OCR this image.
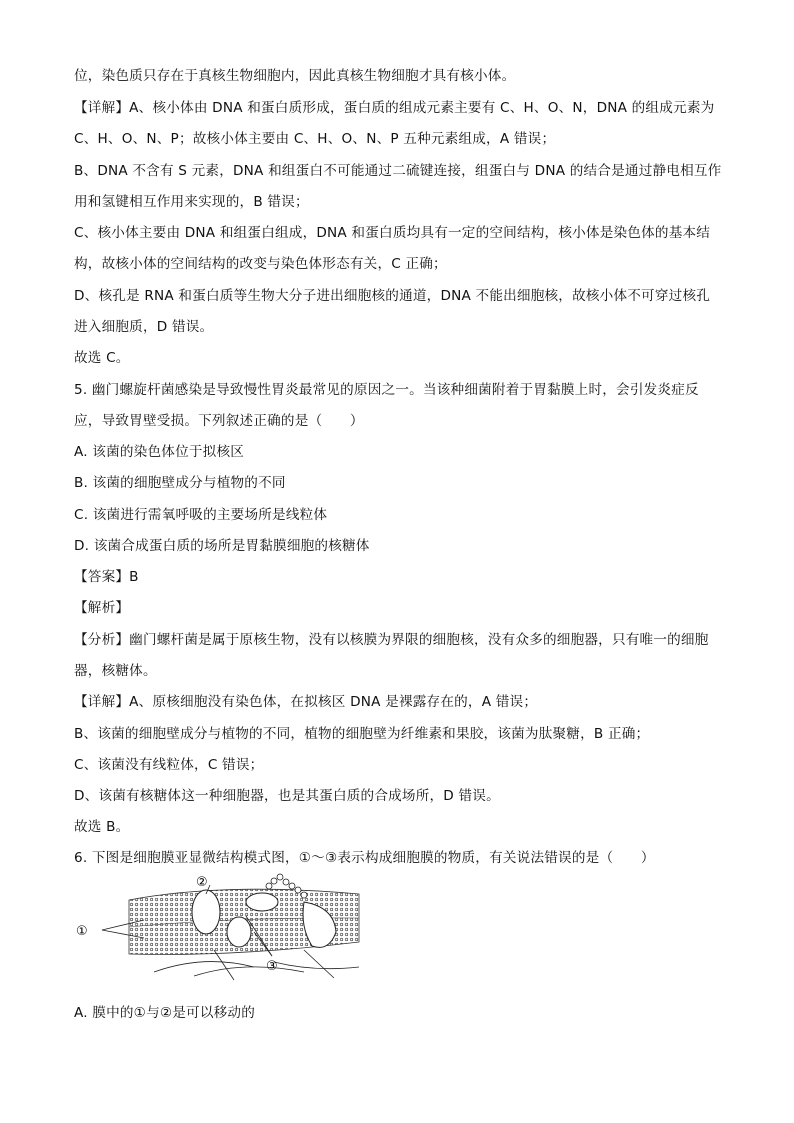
位，染色质只存在于真核生物细胞内，因此真核生物细胞才具有核小体。
【详解】A、核小体由 DNA 和蛋白质形成，蛋白质的组成元素主要有 C、H、O、N，DNA 的组成元素为
C、H、O、N、P；故核小体主要由 C、H、O、N、P 五种元素组成，A 错误；
B、DNA 不含有 S 元素，DNA 和组蛋白不可能通过二硫键连接，组蛋白与 DNA 的结合是通过静电相互作
用和氢键相互作用来实现的，B 错误；
C、核小体主要由 DNA 和组蛋白组成，DNA 和蛋白质均具有一定的空间结构，核小体是染色体的基本结
构，故核小体的空间结构的改变与染色体形态有关，C 正确；
D、核孔是 RNA 和蛋白质等生物大分子进出细胞核的通道，DNA 不能出细胞核，故核小体不可穿过核孔
进入细胞质，D 错误。
故选 C。
5. 幽门螺旋杆菌感染是导致慢性胃炎最常见的原因之一。当该种细菌附着于胃黏膜上时，会引发炎症反
应，导致胃壁受损。下列叙述正确的是（　　）
A. 该菌的染色体位于拟核区
B. 该菌的细胞壁成分与植物的不同
C. 该菌进行需氧呼吸的主要场所是线粒体
D. 该菌合成蛋白质的场所是胃黏膜细胞的核糖体
【答案】B
【解析】
【分析】幽门螺杆菌是属于原核生物，没有以核膜为界限的细胞核，没有众多的细胞器，只有唯一的细胞
器，核糖体。
【详解】A、原核细胞没有染色体，在拟核区 DNA 是裸露存在的，A 错误；
B、该菌的细胞壁成分与植物的不同，植物的细胞壁为纤维素和果胶，该菌为肽聚糖，B 正确；
C、该菌没有线粒体，C 错误；
D、该菌有核糖体这一种细胞器，也是其蛋白质的合成场所，D 错误。
故选 B。
6. 下图是细胞膜亚显微结构模式图，①～③表示构成细胞膜的物质，有关说法错误的是（　　）
①
②
③
A. 膜中的①与②是可以移动的
